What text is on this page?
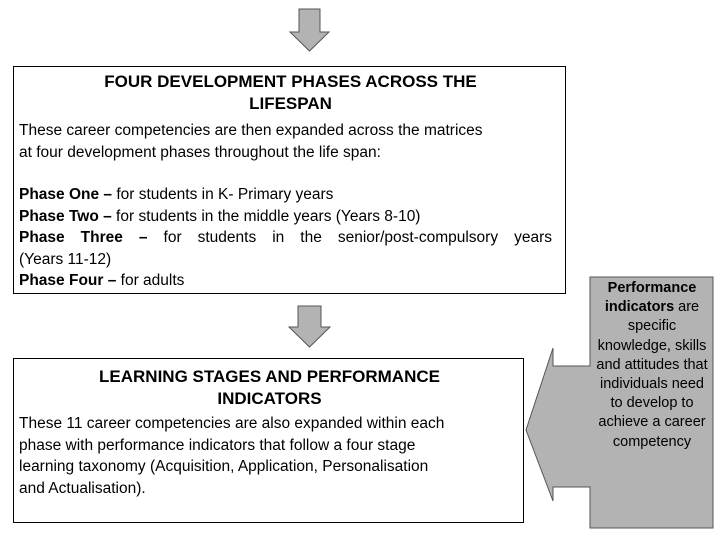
FOUR DEVELOPMENT PHASES ACROSS THE
LIFESPAN
These career competencies are then expanded across the matrices
at four development phases throughout the life span:
Phase One – for students in K- Primary years
Phase Two – for students in the middle years (Years 8-10)
Phase Three – for students in the senior/post-compulsory years
(Years 11-12)
Phase Four – for adults
LEARNING STAGES AND PERFORMANCE
INDICATORS
These 11 career competencies are also expanded within each
phase with performance indicators that follow a four stage
learning taxonomy (Acquisition, Application, Personalisation
and Actualisation).
Performance indicators are specific knowledge, skills and attitudes that individuals need to develop to achieve a career competency
